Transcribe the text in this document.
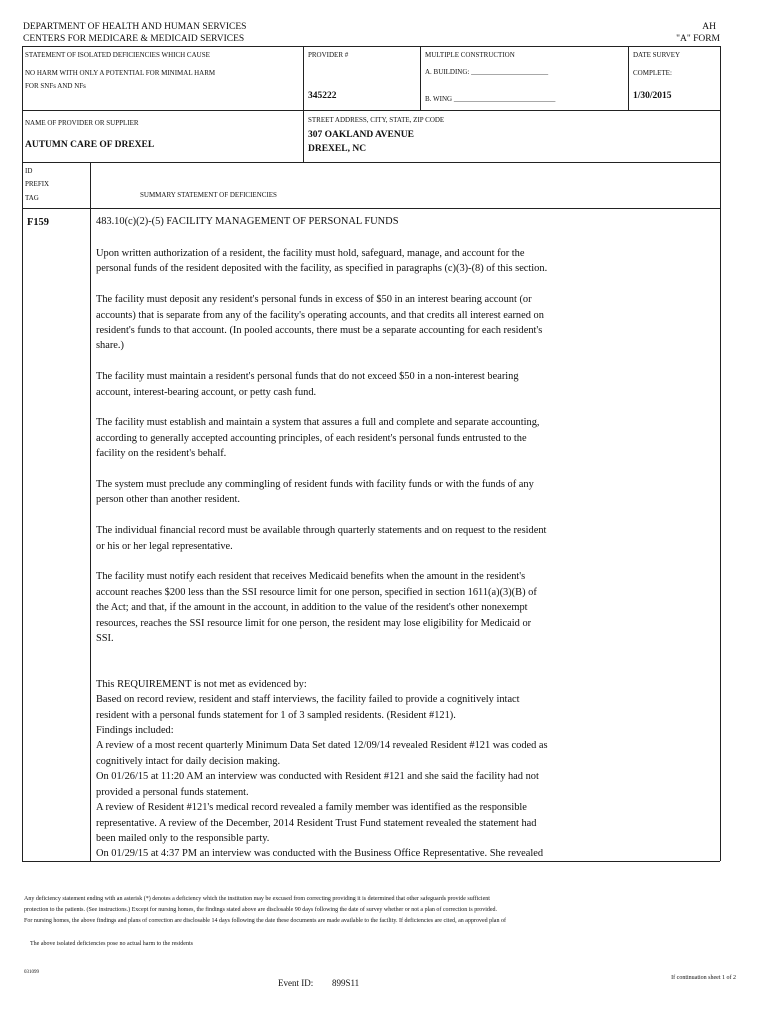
DEPARTMENT OF HEALTH AND HUMAN SERVICES
CENTERS FOR MEDICARE & MEDICAID SERVICES
AH
"A" FORM
STATEMENT OF ISOLATED DEFICIENCIES WHICH CAUSE
NO HARM WITH ONLY A POTENTIAL FOR MINIMAL HARM
FOR SNFs AND NFs
PROVIDER #
345222
MULTIPLE CONSTRUCTION
A. BUILDING: ______________________
B. WING _____________________________
DATE SURVEY
COMPLETE:
1/30/2015
NAME OF PROVIDER OR SUPPLIER
AUTUMN CARE OF DREXEL
STREET ADDRESS, CITY, STATE, ZIP CODE
307 OAKLAND AVENUE
DREXEL, NC
ID
PREFIX
TAG	SUMMARY STATEMENT OF DEFICIENCIES
F159	483.10(c)(2)-(5) FACILITY MANAGEMENT OF PERSONAL FUNDS
Upon written authorization of a resident, the facility must hold, safeguard, manage, and account for the
personal funds of the resident deposited with the facility, as specified in paragraphs (c)(3)-(8) of this section.
The facility must deposit any resident's personal funds in excess of $50 in an interest bearing account (or
accounts) that is separate from any of the facility's operating accounts, and that credits all interest earned on
resident's funds to that account. (In pooled accounts, there must be a separate accounting for each resident's
share.)
The facility must maintain a resident's personal funds that do not exceed $50 in a non-interest bearing
account, interest-bearing account, or petty cash fund.
The facility must establish and maintain a system that assures a full and complete and separate accounting,
according to generally accepted accounting principles, of each resident's personal funds entrusted to the
facility on the resident's behalf.
The system must preclude any commingling of resident funds with facility funds or with the funds of any
person other than another resident.
The individual financial record must be available through quarterly statements and on request to the resident
or his or her legal representative.
The facility must notify each resident that receives Medicaid benefits when the amount in the resident's
account reaches $200 less than the SSI resource limit for one person, specified in section 1611(a)(3)(B) of
the Act; and that, if the amount in the account, in addition to the value of the resident's other nonexempt
resources, reaches the SSI resource limit for one person, the resident may lose eligibility for Medicaid or
SSI.
This REQUIREMENT is not met as evidenced by:
Based on record review, resident and staff interviews, the facility failed to provide a cognitively intact
resident with a personal funds statement for 1 of 3 sampled residents. (Resident #121).
Findings included:
A review of a most recent quarterly Minimum Data Set dated 12/09/14 revealed Resident #121 was coded as
cognitively intact for daily decision making.
On 01/26/15 at 11:20 AM an interview was conducted with Resident #121 and she said the facility had not
provided a personal funds statement.
A review of Resident #121's medical record revealed a family member was identified as the responsible
representative. A review of the December, 2014 Resident Trust Fund statement revealed the statement had
been mailed only to the responsible party.
On 01/29/15 at 4:37 PM an interview was conducted with the Business Office Representative. She revealed
Any deficiency statement ending with an asterisk (*) denotes a deficiency which the institution may be excused from correcting providing it is determined that other safeguards provide sufficient
protection to the patients. (See instructions.) Except for nursing homes, the findings stated above are disclosable 90 days following the date of survey whether or not a plan of correction is provided.
For nursing homes, the above findings and plans of correction are disclosable 14 days following the date these documents are made available to the facility. If deficiencies are cited, an approved plan of
The above isolated deficiencies pose no actual harm to the residents
031099
Event ID: 899S11	If continuation sheet 1 of 2
